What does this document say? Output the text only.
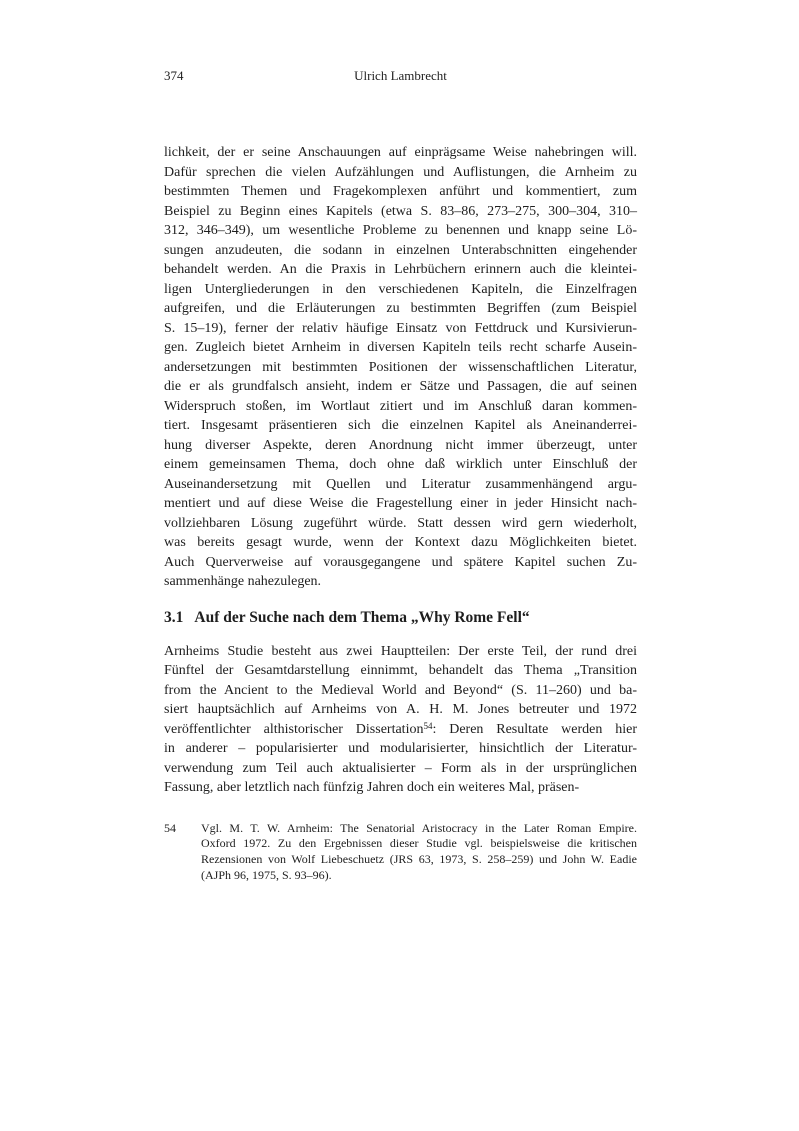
374	Ulrich Lambrecht
lichkeit, der er seine Anschauungen auf einprägsame Weise nahebringen will.
Dafür sprechen die vielen Aufzählungen und Auflistungen, die Arnheim zu
bestimmten Themen und Fragekomplexen anführt und kommentiert, zum
Beispiel zu Beginn eines Kapitels (etwa S. 83–86, 273–275, 300–304, 310–
312, 346–349), um wesentliche Probleme zu benennen und knapp seine Lö-
sungen anzudeuten, die sodann in einzelnen Unterabschnitten eingehender
behandelt werden. An die Praxis in Lehrbüchern erinnern auch die kleintei-
ligen Untergliederungen in den verschiedenen Kapiteln, die Einzelfragen
aufgreifen, und die Erläuterungen zu bestimmten Begriffen (zum Beispiel
S. 15–19), ferner der relativ häufige Einsatz von Fettdruck und Kursivierun-
gen. Zugleich bietet Arnheim in diversen Kapiteln teils recht scharfe Ausein-
andersetzungen mit bestimmten Positionen der wissenschaftlichen Literatur,
die er als grundfalsch ansieht, indem er Sätze und Passagen, die auf seinen
Widerspruch stoßen, im Wortlaut zitiert und im Anschluß daran kommen-
tiert. Insgesamt präsentieren sich die einzelnen Kapitel als Aneinanderrei-
hung diverser Aspekte, deren Anordnung nicht immer überzeugt, unter
einem gemeinsamen Thema, doch ohne daß wirklich unter Einschluß der
Auseinandersetzung mit Quellen und Literatur zusammenhängend argu-
mentiert und auf diese Weise die Fragestellung einer in jeder Hinsicht nach-
vollziehbaren Lösung zugeführt würde. Statt dessen wird gern wiederholt,
was bereits gesagt wurde, wenn der Kontext dazu Möglichkeiten bietet.
Auch Querverweise auf vorausgegangene und spätere Kapitel suchen Zu-
sammenhänge nahezulegen.
3.1 Auf der Suche nach dem Thema „Why Rome Fell“
Arnheims Studie besteht aus zwei Hauptteilen: Der erste Teil, der rund drei
Fünftel der Gesamtdarstellung einnimmt, behandelt das Thema „Transition
from the Ancient to the Medieval World and Beyond“ (S. 11–260) und ba-
siert hauptsächlich auf Arnheims von A. H. M. Jones betreuter und 1972
veröffentlichter althistorischer Dissertation$^{54}$: Deren Resultate werden hier
in anderer – popularisierter und modularisierter, hinsichtlich der Literatur-
verwendung zum Teil auch aktualisierter – Form als in der ursprünglichen
Fassung, aber letztlich nach fünfzig Jahren doch ein weiteres Mal, präsen-
54	Vgl. M. T. W. Arnheim: The Senatorial Aristocracy in the Later Roman Empire.
Oxford 1972. Zu den Ergebnissen dieser Studie vgl. beispielsweise die kritischen
Rezensionen von Wolf Liebeschuetz (JRS 63, 1973, S. 258–259) und John W. Eadie
(AJPh 96, 1975, S. 93–96).
